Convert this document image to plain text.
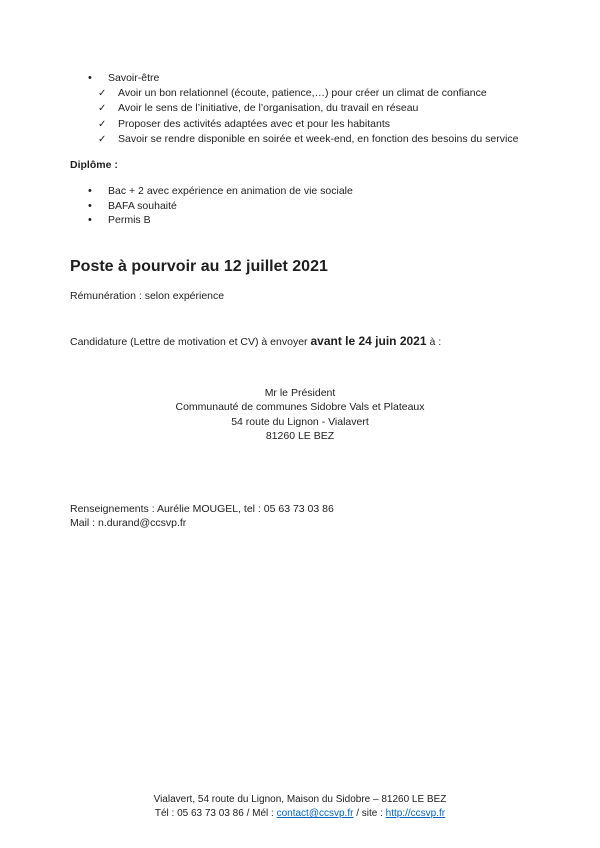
•	Savoir-être
✓	Avoir un bon relationnel (écoute, patience,…) pour créer un climat de confiance
✓	Avoir le sens de l’initiative, de l’organisation, du travail en réseau
✓	Proposer des activités adaptées avec et pour les habitants
✓	Savoir se rendre disponible en soirée et week-end, en fonction des besoins du service
Diplôme :
•	Bac + 2 avec expérience en animation de vie sociale
•	BAFA souhaité
•	Permis B
Poste à pourvoir au 12 juillet 2021
Rémunération : selon expérience
Candidature (Lettre de motivation et CV) à envoyer avant le 24 juin 2021 à :
Mr le Président
Communauté de communes Sidobre Vals et Plateaux
54 route du Lignon - Vialavert
81260 LE BEZ
Renseignements : Aurélie MOUGEL, tel : 05 63 73 03 86
Mail : n.durand@ccsvp.fr
Vialavert, 54 route du Lignon, Maison du Sidobre – 81260 LE BEZ
Tél : 05 63 73 03 86 / Mél : contact@ccsvp.fr / site : http://ccsvp.fr
